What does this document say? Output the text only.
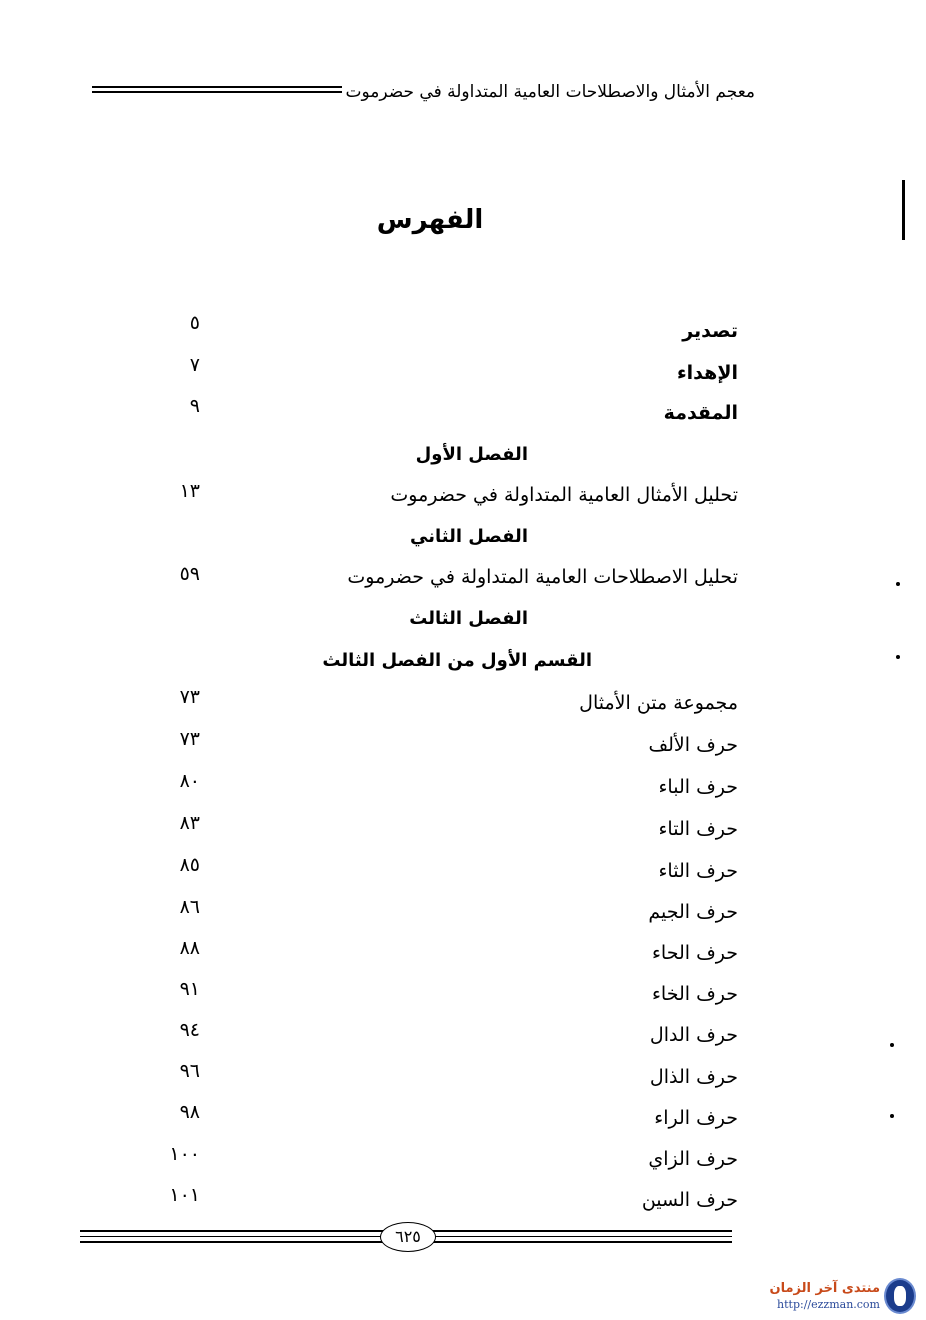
معجم الأمثال والاصطلاحات العامية المتداولة في حضرموت
الفهرس
تصدير
٥
الإهداء
٧
المقدمة
٩
الفصل الأول
تحليل الأمثال العامية المتداولة في حضرموت
١٣
الفصل الثاني
تحليل الاصطلاحات العامية المتداولة في حضرموت
٥٩
الفصل الثالث
القسم الأول من الفصل الثالث
مجموعة متن الأمثال
٧٣
حرف الألف
٧٣
حرف الباء
٨٠
حرف التاء
٨٣
حرف الثاء
٨٥
حرف الجيم
٨٦
حرف الحاء
٨٨
حرف الخاء
٩١
حرف الدال
٩٤
حرف الذال
٩٦
حرف الراء
٩٨
حرف الزاي
١٠٠
حرف السين
١٠١
٦٢٥
منتدى آخر الزمان
http://ezzman.com
